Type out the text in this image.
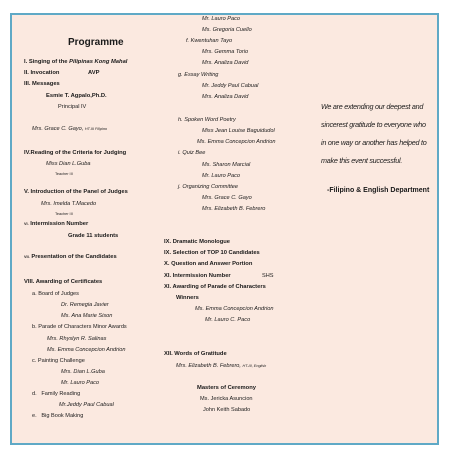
Programme
I. Singing of the Pilipinas Kong Mahal
II. Invocation	AVP
III. Messages
Esmie T. Agpalo,Ph.D.
Principal IV
Mrs. Grace C. Gayo, HT-III Filipino
IV.Reading of the Criteria for Judging
Miss Dian L.Guba
Teacher III
V. Introduction of the Panel of Judges
Mrs. Imelda T.Macedo
Teacher III
VI. Intermission Number
Grade 11 students
VII. Presentation of the Candidates
VIII. Awarding of Certificates
a. Board of Judges
Dr. Remegia Javier
Ms. Ana Marie Sison
b. Parade of Characters Minor Awards
Mrs. Rhyslyn R. Salinas
Ms. Emma Concepcion Andrion
c. Painting Challenge
Mrs. Dian L.Guba
Mr. Lauro Paco
d. Family Reading
Mr.Jeddy Paul Cabual
e. Big Book Making
Mr. Lauro Paco
Ms. Gregoria Cuello
f. Kwentuhan Tayo
Mrs. Gemma Torio
Mrs. Analiza David
g. Essay Writing
Mr. Jeddy Paul Cabual
Mrs. Analiza David
h. Spoken Word Poetry
Miss Jean Louise Baguidudol
Ms. Emma Concepcion Andrion
i. Quiz Bee
Ms. Sharon Marcial
Mr. Lauro Paco
j. Organizing Committee
Mrs. Grace C. Gayo
Mrs. Elizabeth B. Febrero
IX. Dramatic Monologue
IX. Selection of TOP 10 Candidates
X. Question and Answer Portion
XI. Intermission Number	SHS
XI. Awarding of Parade of Characters
Winners
Ms. Emma Concepcion Andrion
Mr. Lauro C. Paco
XII. Words of Gratitude
Mrs. Elizabeth B. Febrero, HT-III, English
Masters of Ceremony
Ms. Jericka Asuncion
John Keith Sabado
We are extending our deepest and
sincerest gratitude to everyone who
in one way or another has helped to
make this event successful.
-Filipino & English Department
